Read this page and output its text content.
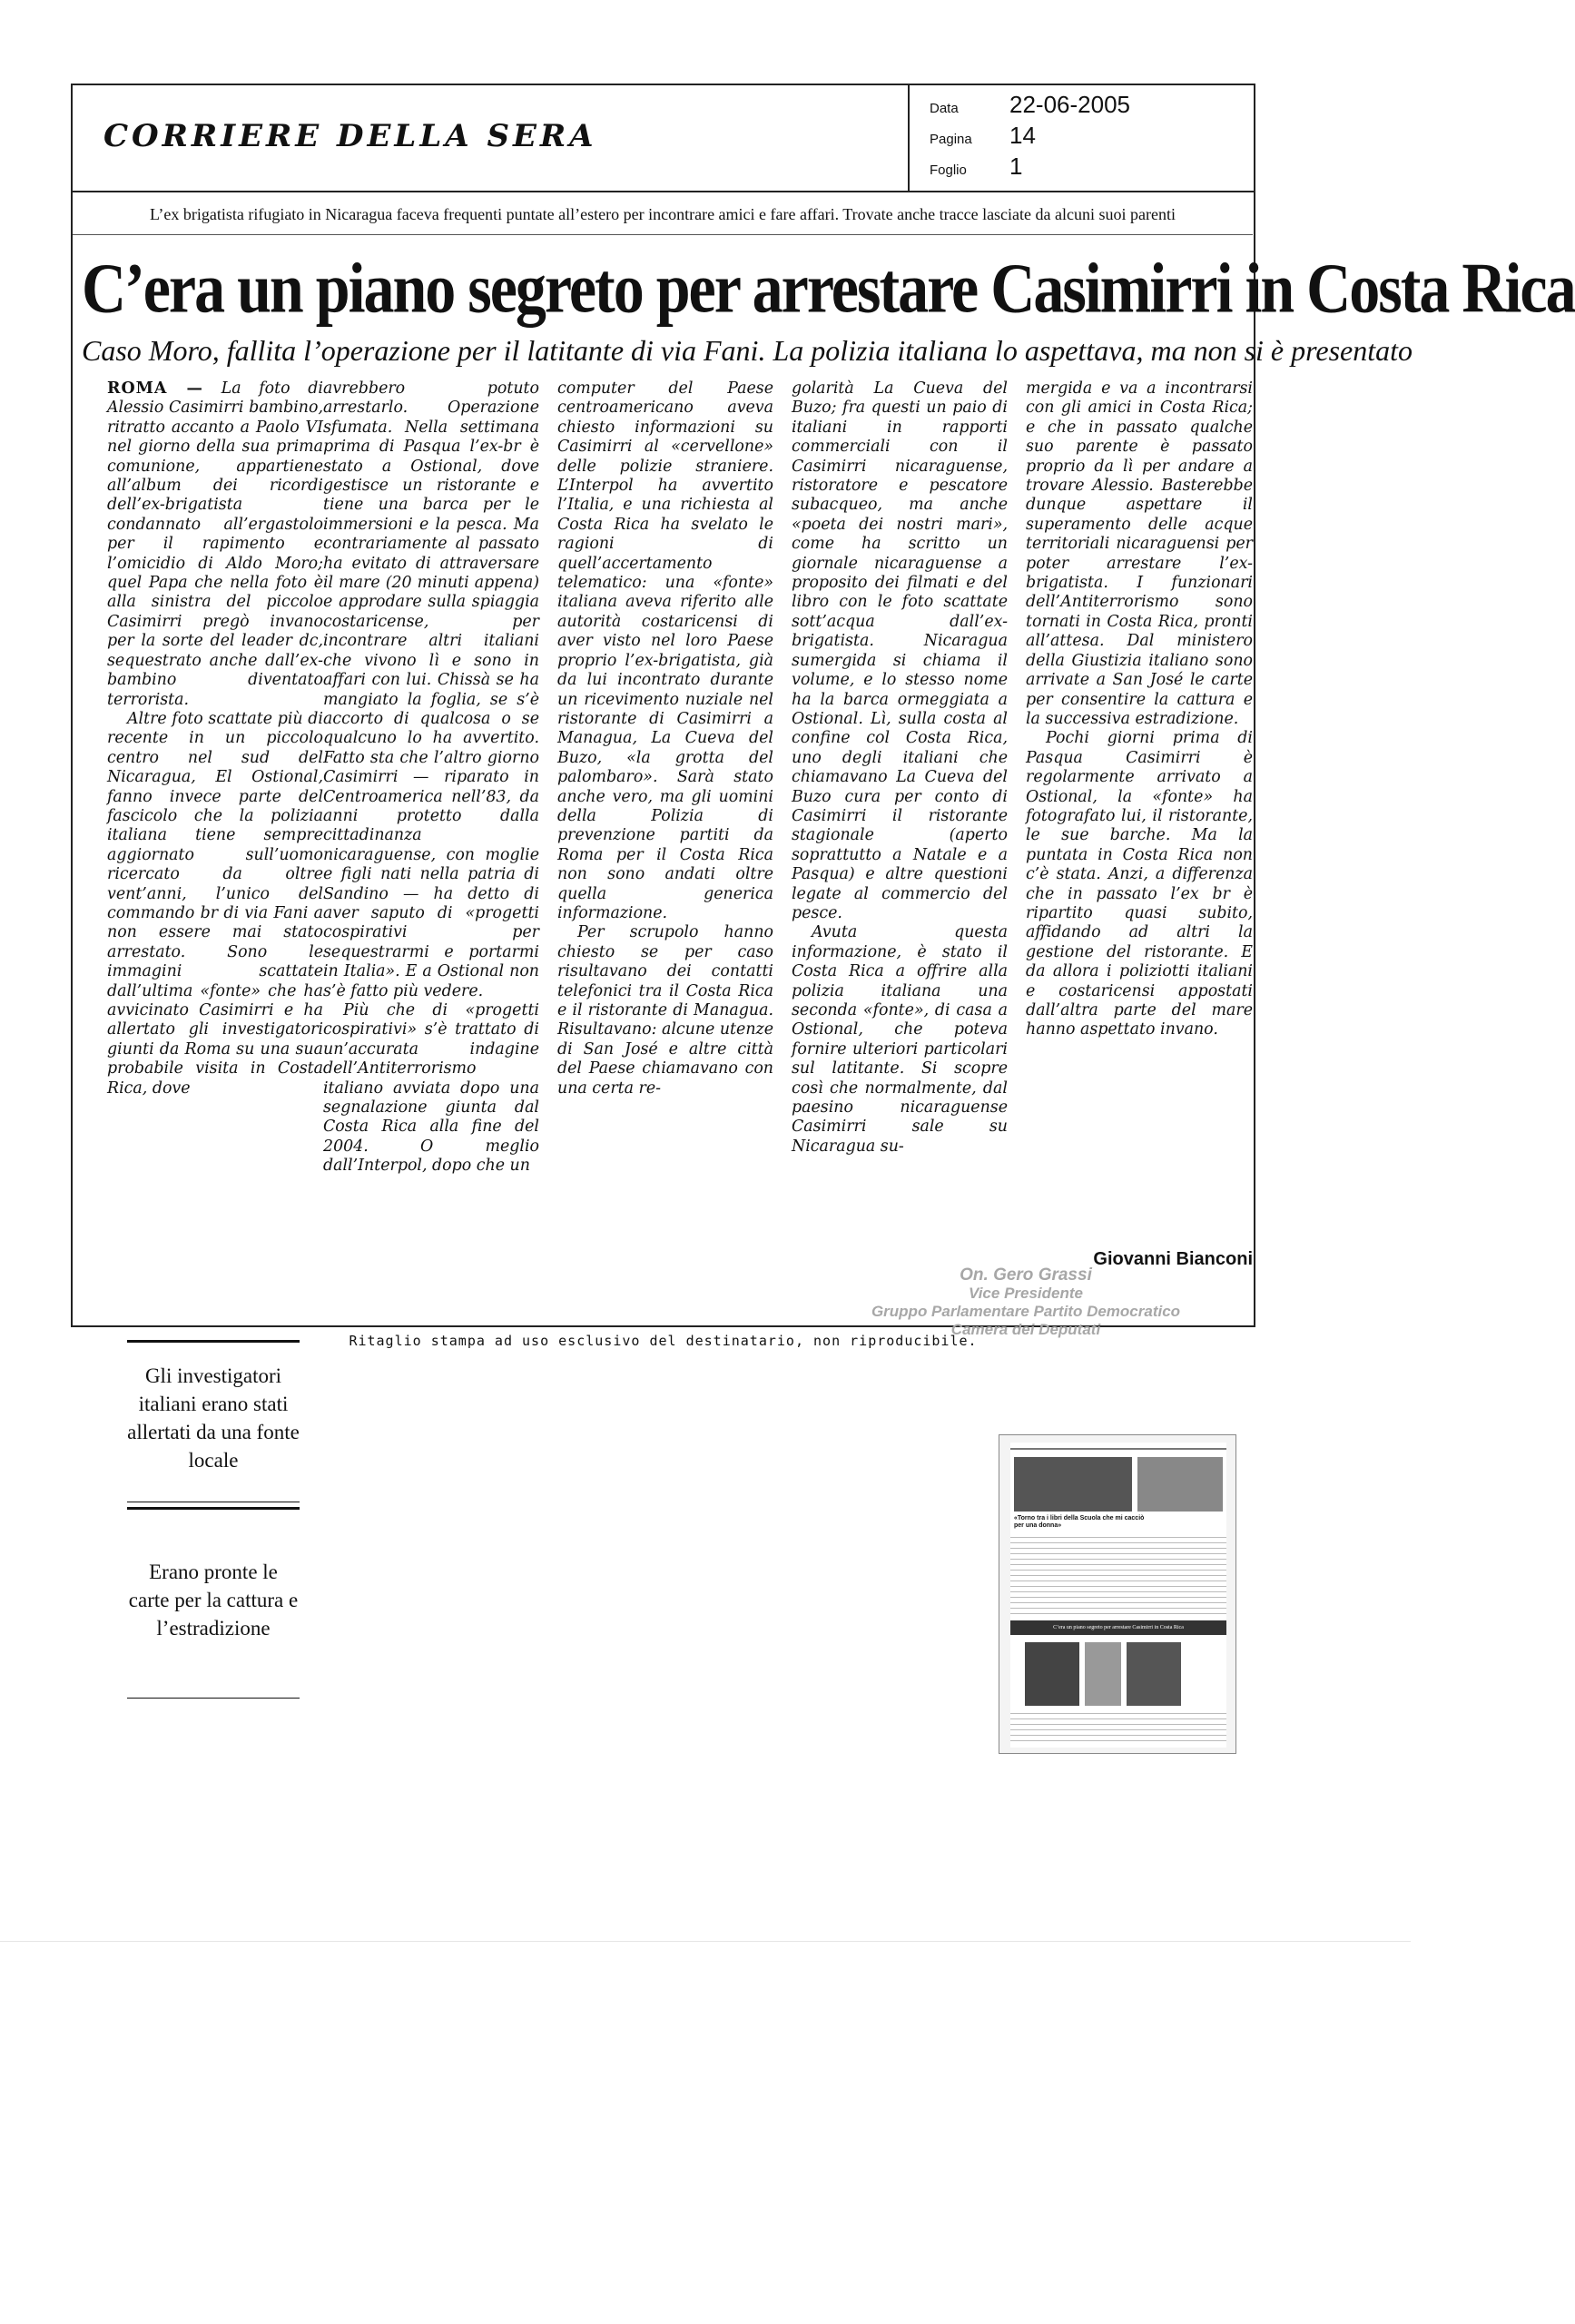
CORRIERE DELLA SERA
Data 22-06-2005
Pagina 14
Foglio 1
L’ex brigatista rifugiato in Nicaragua faceva frequenti puntate all’estero per incontrare amici e fare affari. Trovate anche tracce lasciate da alcuni suoi parenti
C’era un piano segreto per arrestare Casimirri in Costa Rica
Caso Moro, fallita l’operazione per il latitante di via Fani. La polizia italiana lo aspettava, ma non si è presentato

ROMA — La foto di Alessio Casimirri bambino, ritratto accanto a Paolo VI nel giorno della sua prima comunione, appartiene all’album dei ricordi dell’ex-brigatista condannato all’ergastolo per il rapimento e l’omicidio di Aldo Moro; quel Papa che nella foto è alla sinistra del piccolo Casimirri pregò invano per la sorte del leader dc, sequestrato anche dall’ex-bambino diventato terrorista.

Altre foto scattate più di recente in un piccolo centro nel sud del Nicaragua, El Ostional, fanno invece parte del fascicolo che la polizia italiana tiene sempre aggiornato sull’uomo ricercato da oltre vent’anni, l’unico del commando br di via Fani a non essere mai stato arrestato. Sono le immagini scattate dall’ultima «fonte» che ha avvicinato Casimirri e ha allertato gli investigatori giunti da Roma su una sua probabile visita in Costa Rica, dove

avrebbero potuto arrestarlo. Operazione sfumata. Nella settimana prima di Pasqua l’ex-br è stato a Ostional, dove gestisce un ristorante e tiene una barca per le immersioni e la pesca. Ma contrariamente al passato ha evitato di attraversare il mare (20 minuti appena) e approdare sulla spiaggia costaricense, per incontrare altri italiani che vivono lì e sono in affari con lui. Chissà se ha mangiato la foglia, se s’è accorto di qualcosa o se qualcuno lo ha avvertito. Fatto sta che l’altro giorno Casimirri — riparato in Centroamerica nell’83, da anni protetto dalla cittadinanza nicaraguense, con moglie e figli nati nella patria di Sandino — ha detto di aver saputo di «progetti cospirativi per sequestrarmi e portarmi in Italia». E a Ostional non s’è fatto più vedere.

Più che di «progetti cospirativi» s’è trattato di un’accurata indagine dell’Antiterrorismo italiano avviata dopo una segnalazione giunta dal Costa Rica alla fine del 2004. O meglio dall’Interpol, dopo che un

computer del Paese centroamericano aveva chiesto informazioni su Casimirri al «cervellone» delle polizie straniere. L’Interpol ha avvertito l’Italia, e una richiesta al Costa Rica ha svelato le ragioni di quell’accertamento telematico: una «fonte» italiana aveva riferito alle autorità costaricensi di aver visto nel loro Paese proprio l’ex-brigatista, già da lui incontrato durante un ricevimento nuziale nel ristorante di Casimirri a Managua, La Cueva del Buzo, «la grotta del palombaro». Sarà stato anche vero, ma gli uomini della Polizia di prevenzione partiti da Roma per il Costa Rica non sono andati oltre quella generica informazione.

Per scrupolo hanno chiesto se per caso risultavano dei contatti telefonici tra il Costa Rica e il ristorante di Managua. Risultavano: alcune utenze di San José e altre città del Paese chiamavano con una certa re-

golarità La Cueva del Buzo; fra questi un paio di italiani in rapporti commerciali con il Casimirri nicaraguense, ristoratore e pescatore subacqueo, ma anche «poeta dei nostri mari», come ha scritto un giornale nicaraguense a proposito dei filmati e del libro con le foto scattate sott’acqua dall’ex-brigatista. Nicaragua sumergida si chiama il volume, e lo stesso nome ha la barca ormeggiata a Ostional. Lì, sulla costa al confine col Costa Rica, uno degli italiani che chiamavano La Cueva del Buzo cura per conto di Casimirri il ristorante stagionale (aperto soprattutto a Natale e a Pasqua) e altre questioni legate al commercio del pesce.

Avuta questa informazione, è stato il Costa Rica a offrire alla polizia italiana una seconda «fonte», di casa a Ostional, che poteva fornire ulteriori particolari sul latitante. Si scopre così che normalmente, dal paesino nicaraguense Casimirri sale su Nicaragua su-

mergida e va a incontrarsi con gli amici in Costa Rica; e che in passato qualche suo parente è passato proprio da lì per andare a trovare Alessio. Basterebbe dunque aspettare il superamento delle acque territoriali nicaraguensi per poter arrestare l’ex-brigatista. I funzionari dell’Antiterrorismo sono tornati in Costa Rica, pronti all’attesa. Dal ministero della Giustizia italiano sono arrivate a San José le carte per consentire la cattura e la successiva estradizione.

Pochi giorni prima di Pasqua Casimirri è regolarmente arrivato a Ostional, la «fonte» ha fotografato lui, il ristorante, le sue barche. Ma la puntata in Costa Rica non c’è stata. Anzi, a differenza che in passato l’ex br è ripartito quasi subito, affidando ad altri la gestione del ristorante. E da allora i poliziotti italiani e costaricensi appostati dall’altra parte del mare hanno aspettato invano.

Giovanni Bianconi
Gli investigatori italiani erano stati allertati da una fonte locale
Erano pronte le carte per la cattura e l’estradizione
On. Gero Grassi
Vice Presidente
Gruppo Parlamentare Partito Democratico
Camera dei Deputati
«Torno tra i libri della Scuola che mi cacciò per una donna»
C’era un piano segreto per arrestare Casimirri in Costa Rica
Ritaglio stampa ad uso esclusivo del destinatario, non riproducibile.
